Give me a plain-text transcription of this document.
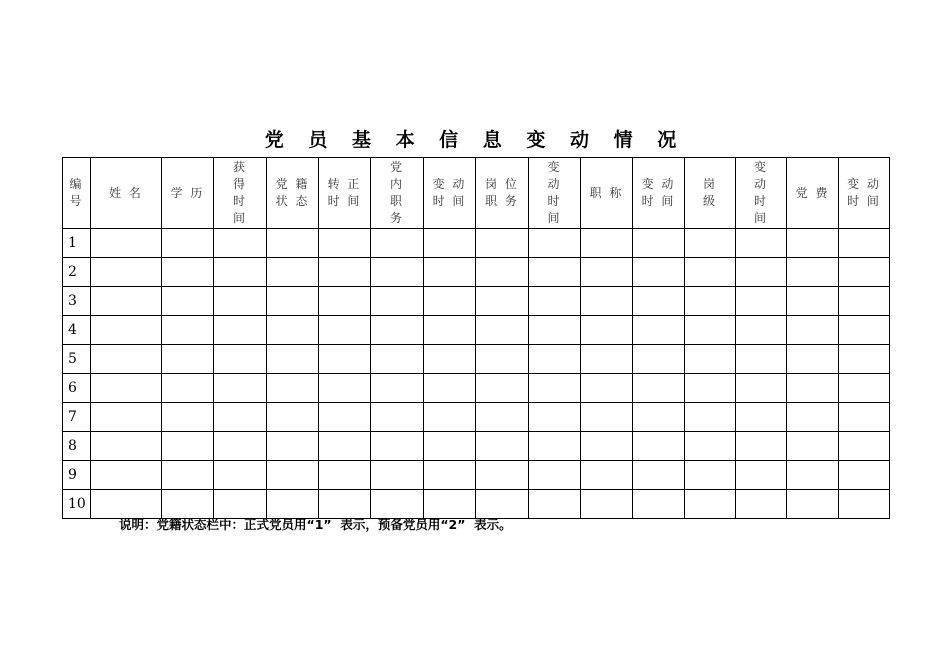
党 员 基 本 信 息 变 动 情 况
编
号	姓 名	学 历	获
得
时
间	党 籍
状 态	转 正
时 间	党
内
职
务	变 动
时 间	岗 位
职 务	变
动
时
间	职 称	变 动
时 间	岗
级	变
动
时
间	党 费	变 动
时 间
1															
2															
3															
4															
5															
6															
7															
8															
9															
10															
说明：党籍状态栏中：正式党员用“1”  表示，预备党员用“2”  表示。
